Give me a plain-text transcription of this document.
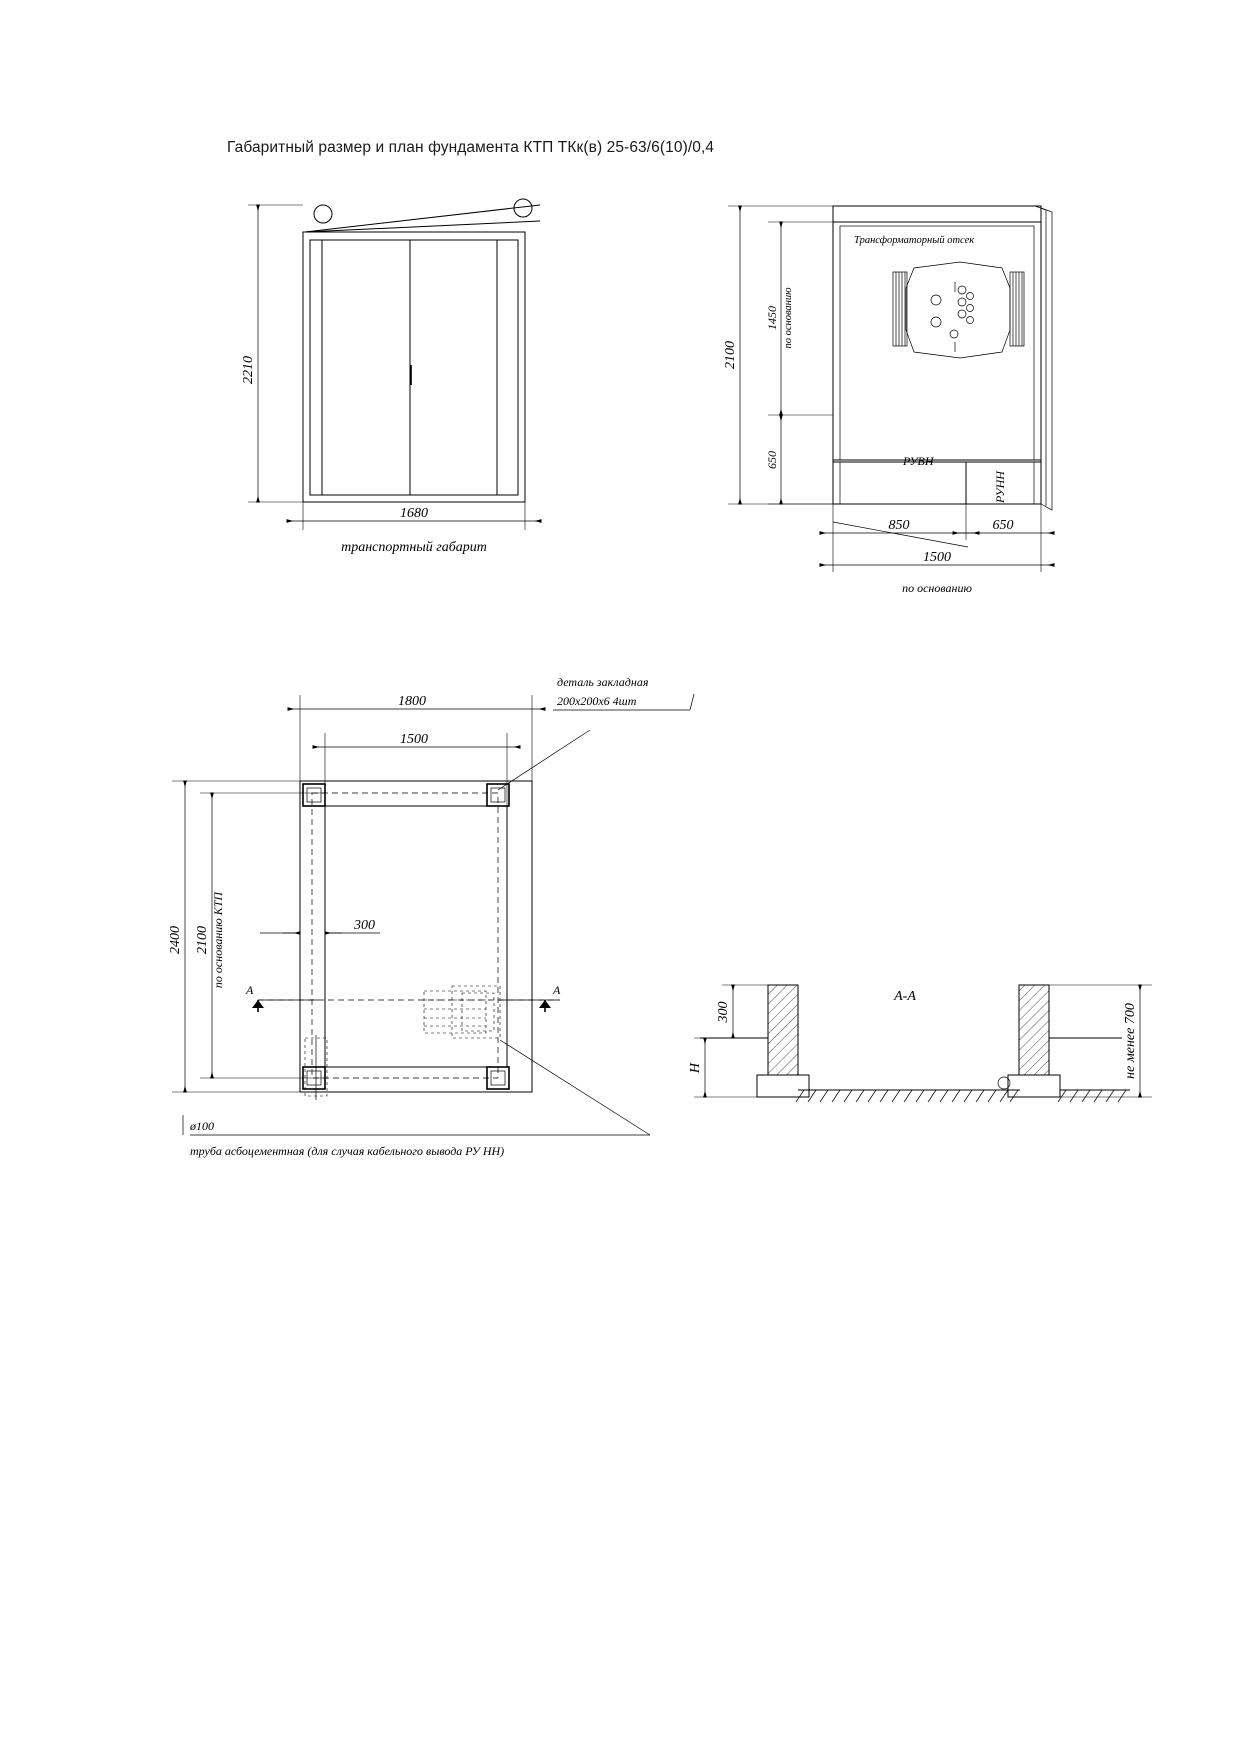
Габаритный размер и план фундамента КТП ТКк(в) 25-63/6(10)/0,4
2210
1680
транспортный габарит
Трансформаторный отсек
РУВН
РУНН
1450 по основанию
650
2100
850	650
1500
по основанию
А
А
1800
1500
2400 2100 по основанию КТП	300
деталь закладная
200х200х6 4шт
ø100
труба асбоцементная (для случая кабельного вывода РУ НН)
А-А
300
H	не менее 700
